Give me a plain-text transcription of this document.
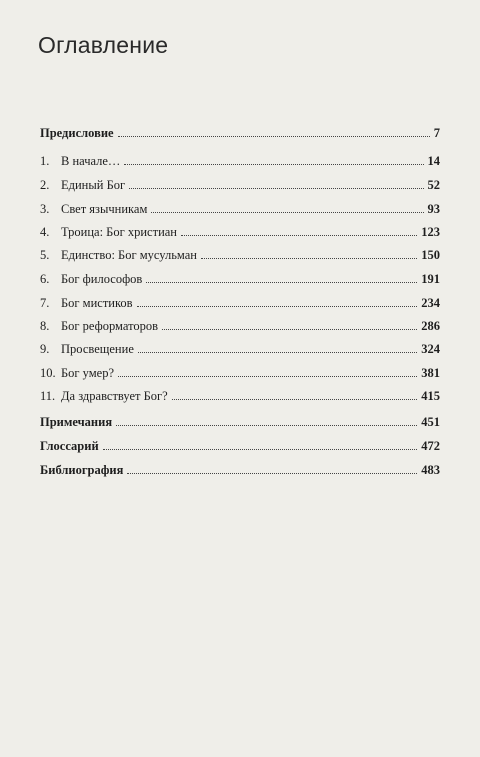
Оглавление
Предисловие	7
1. В начале…	14
2. Единый Бог	52
3. Свет язычникам	93
4. Троица: Бог христиан	123
5. Единство: Бог мусульман	150
6. Бог философов	191
7. Бог мистиков	234
8. Бог реформаторов	286
9. Просвещение	324
10. Бог умер?	381
11. Да здравствует Бог?	415
Примечания	451
Глоссарий	472
Библиография	483
